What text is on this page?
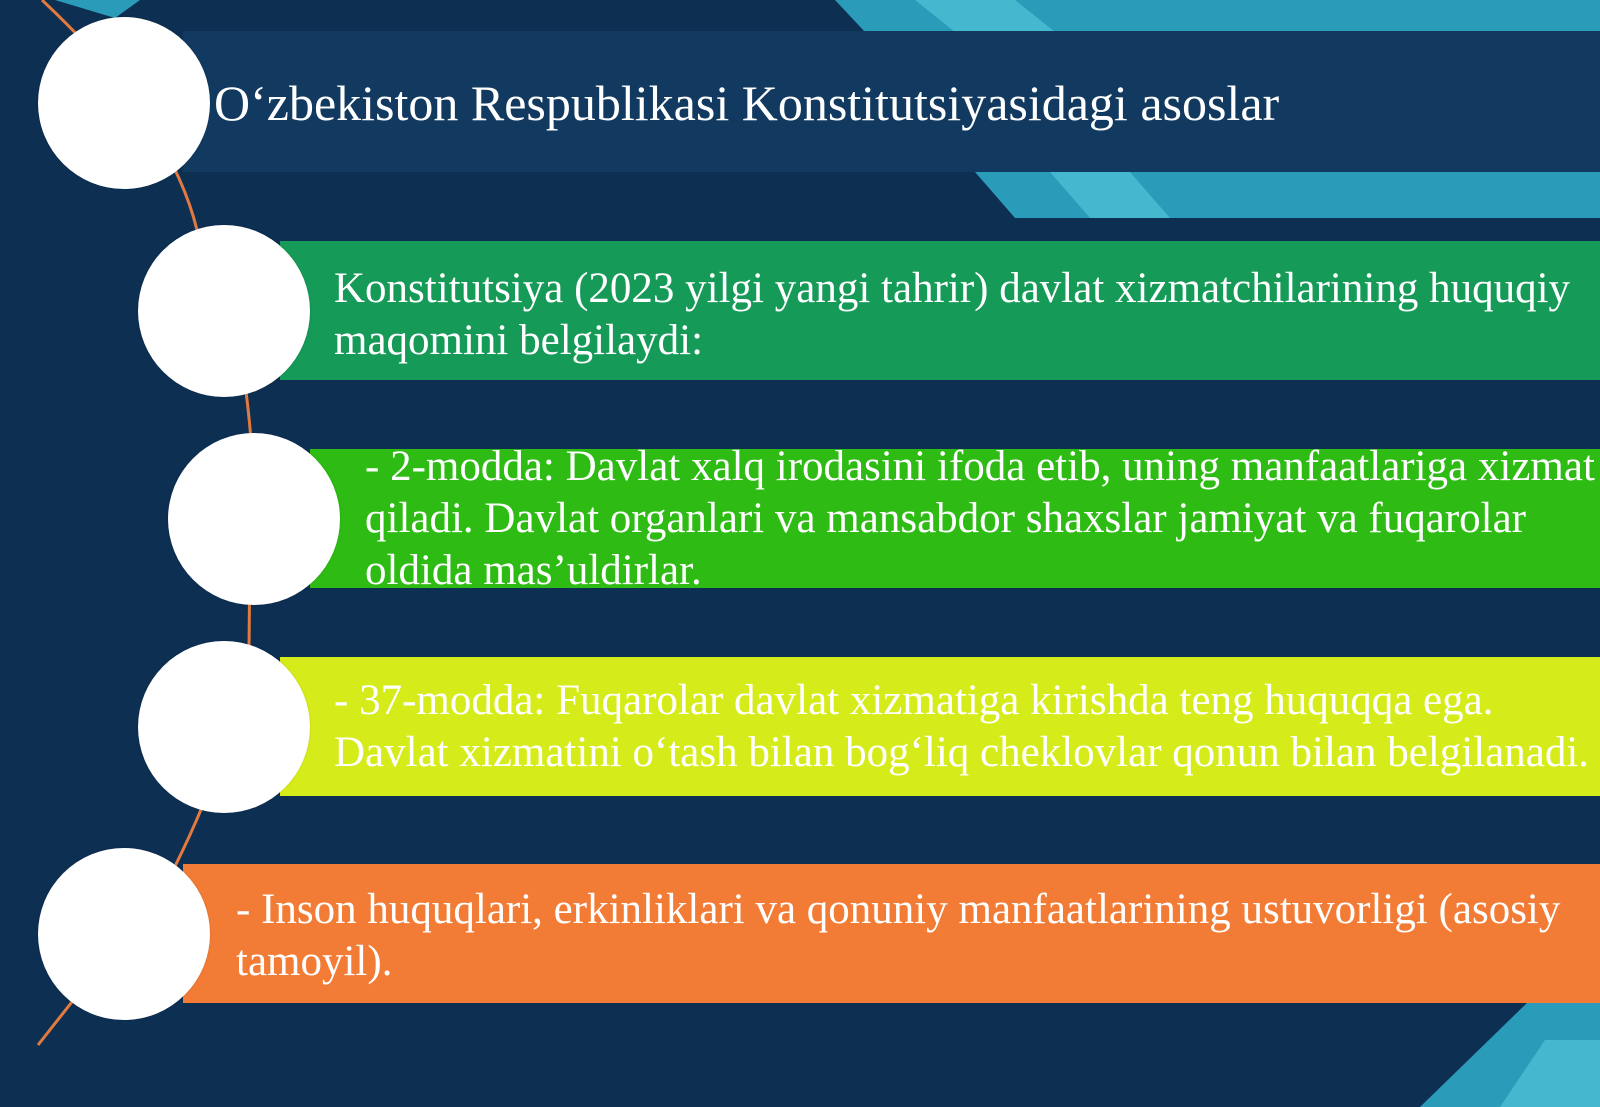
O‘zbekiston Respublikasi Konstitutsiyasidagi asoslar
Konstitutsiya (2023 yilgi yangi tahrir) davlat xizmatchilarining huquqiy
maqomini belgilaydi:
- 2-modda: Davlat xalq irodasini ifoda etib, uning manfaatlariga xizmat
qiladi. Davlat organlari va mansabdor shaxslar jamiyat va fuqarolar
oldida mas’uldirlar.
- 37-modda: Fuqarolar davlat xizmatiga kirishda teng huquqqa ega.
Davlat xizmatini o‘tash bilan bog‘liq cheklovlar qonun bilan belgilanadi.
- Inson huquqlari, erkinliklari va qonuniy manfaatlarining ustuvorligi (asosiy
tamoyil).
